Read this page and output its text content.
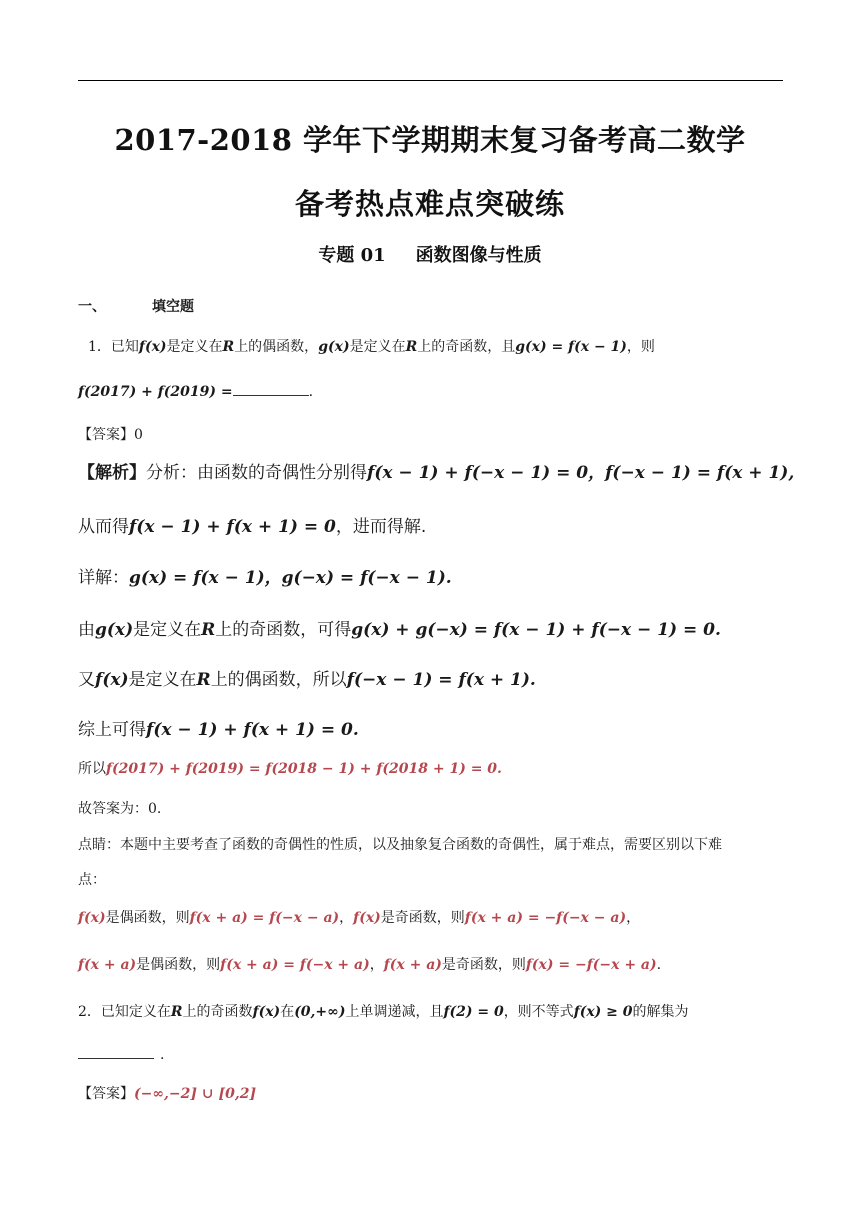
2017-2018 学年下学期期末复习备考高二数学
备考热点难点突破练
专题 01 函数图像与性质
一、	填空题
1．已知f(x)是定义在R上的偶函数，g(x)是定义在R上的奇函数，且g(x) = f(x − 1)，则
f(2017) + f(2019) =	.
【答案】0
【解析】分析：由函数的奇偶性分别得f(x − 1) + f(−x − 1) = 0，f(−x − 1) = f(x + 1),
从而得f(x − 1) + f(x + 1) = 0，进而得解.
详解：g(x) = f(x − 1)，g(−x) = f(−x − 1).
由g(x)是定义在R上的奇函数，可得g(x) + g(−x) = f(x − 1) + f(−x − 1) = 0.
又f(x)是定义在R上的偶函数，所以f(−x − 1) = f(x + 1).
综上可得f(x − 1) + f(x + 1) = 0.
所以f(2017) + f(2019) = f(2018 − 1) + f(2018 + 1) = 0.
故答案为：0.
点睛：本题中主要考查了函数的奇偶性的性质，以及抽象复合函数的奇偶性，属于难点，需要区别以下难
点：
f(x)是偶函数，则f(x + a) = f(−x − a)，f(x)是奇函数，则f(x + a) = −f(−x − a)，
f(x + a)是偶函数，则f(x + a) = f(−x + a)，f(x + a)是奇函数，则f(x) = −f(−x + a).
2．已知定义在R上的奇函数f(x)在(0,+∞)上单调递减，且f(2) = 0，则不等式f(x) ≥ 0的解集为
.
【答案】(−∞,−2] ∪ [0,2]
